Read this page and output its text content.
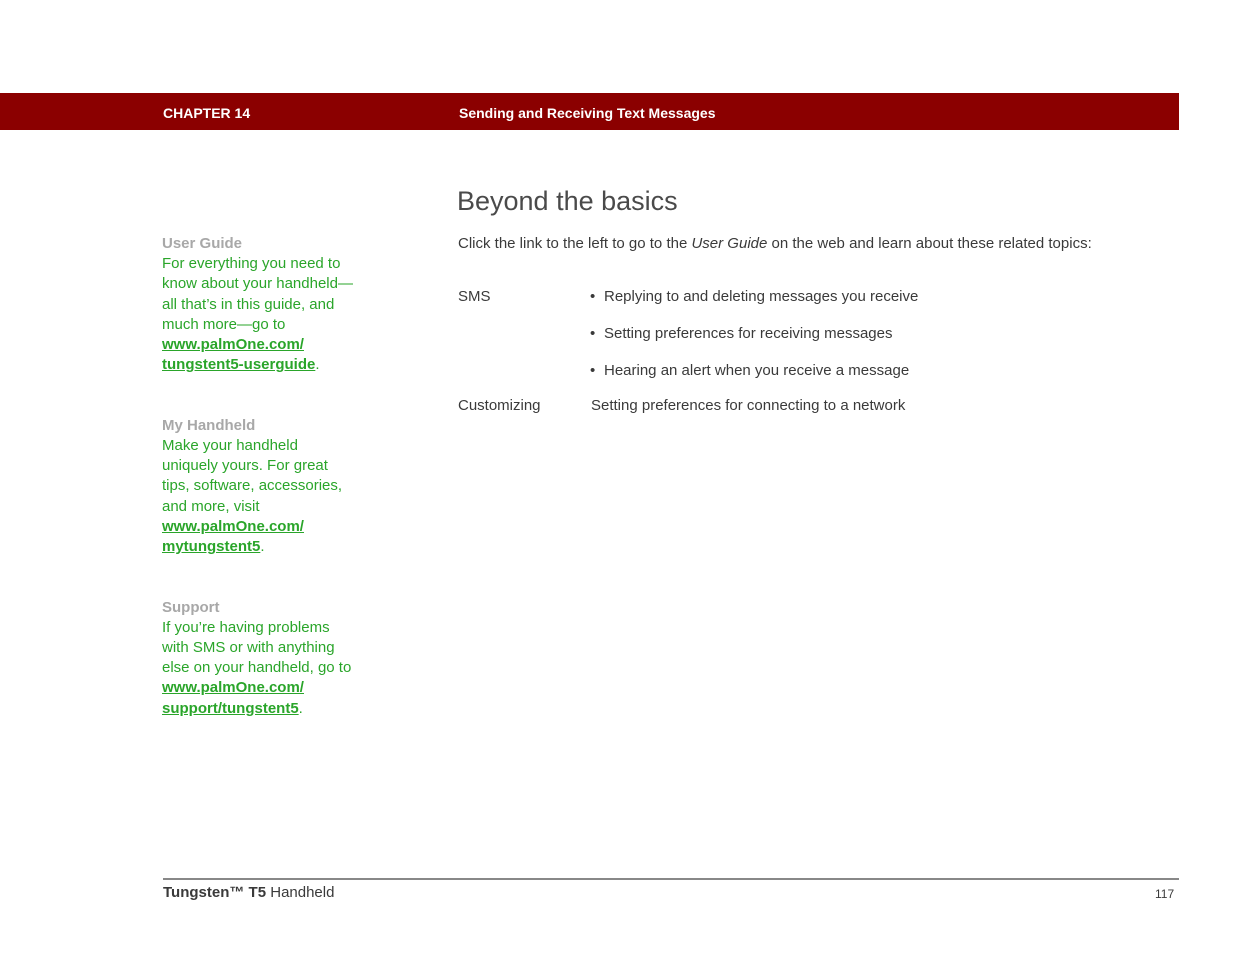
CHAPTER 14	Sending and Receiving Text Messages
User Guide
For everything you need to
know about your handheld—
all that’s in this guide, and
much more—go to
www.palmOne.com/
tungstent5-userguide.
My Handheld
Make your handheld
uniquely yours. For great
tips, software, accessories,
and more, visit
www.palmOne.com/
mytungstent5.
Support
If you’re having problems
with SMS or with anything
else on your handheld, go to
www.palmOne.com/
support/tungstent5.
Beyond the basics
Click the link to the left to go to the User Guide on the web and learn about these related topics:
SMS	• Replying to and deleting messages you receive
• Setting preferences for receiving messages
• Hearing an alert when you receive a message
Customizing	Setting preferences for connecting to a network
Tungsten™ T5 Handheld	117
